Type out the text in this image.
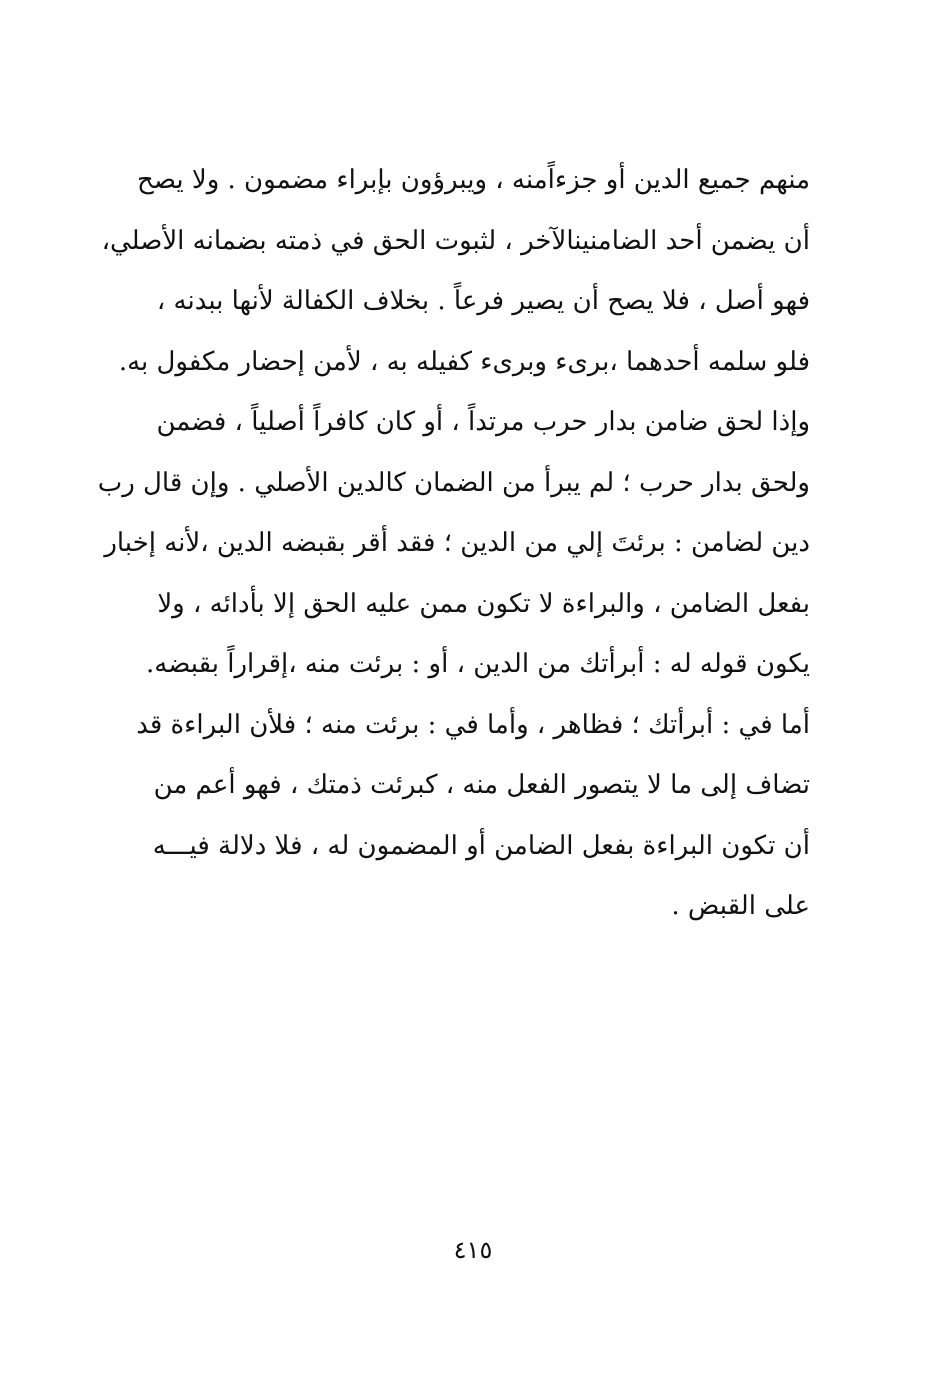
منهم جميع الدين أو جزءاًمنه ، ويبرؤون بإبراء مضمون . ولا يصح
أن يضمن أحد الضامنينالآخر ، لثبوت الحق في ذمته بضمانه الأصلي،
فهو أصل ، فلا يصح أن يصير فرعاً . بخلاف الكفالة لأنها ببدنه ،
فلو سلمه أحدهما ،برىء وبرىء كفيله به ، لأمن إحضار مكفول به.
وإذا لحق ضامن بدار حرب مرتداً ، أو كان كافراً أصلياً ، فضمن
ولحق بدار حرب ؛ لم يبرأ من الضمان كالدين الأصلي . وإن قال رب
دين لضامن : برئتَ إلي من الدين ؛ فقد أقر بقبضه الدين ،لأنه إخبار
بفعل الضامن ، والبراءة لا تكون ممن عليه الحق إلا بأدائه ، ولا
يكون قوله له : أبرأتك من الدين ، أو : برئت منه ،إقراراً بقبضه.
أما في : أبرأتك ؛ فظاهر ، وأما في : برئت منه ؛ فلأن البراءة قد
تضاف إلى ما لا يتصور الفعل منه ، كبرئت ذمتك ، فهو أعم من
أن تكون البراءة بفعل الضامن أو المضمون له ، فلا دلالة فيـــه
على القبض .
٤١٥
